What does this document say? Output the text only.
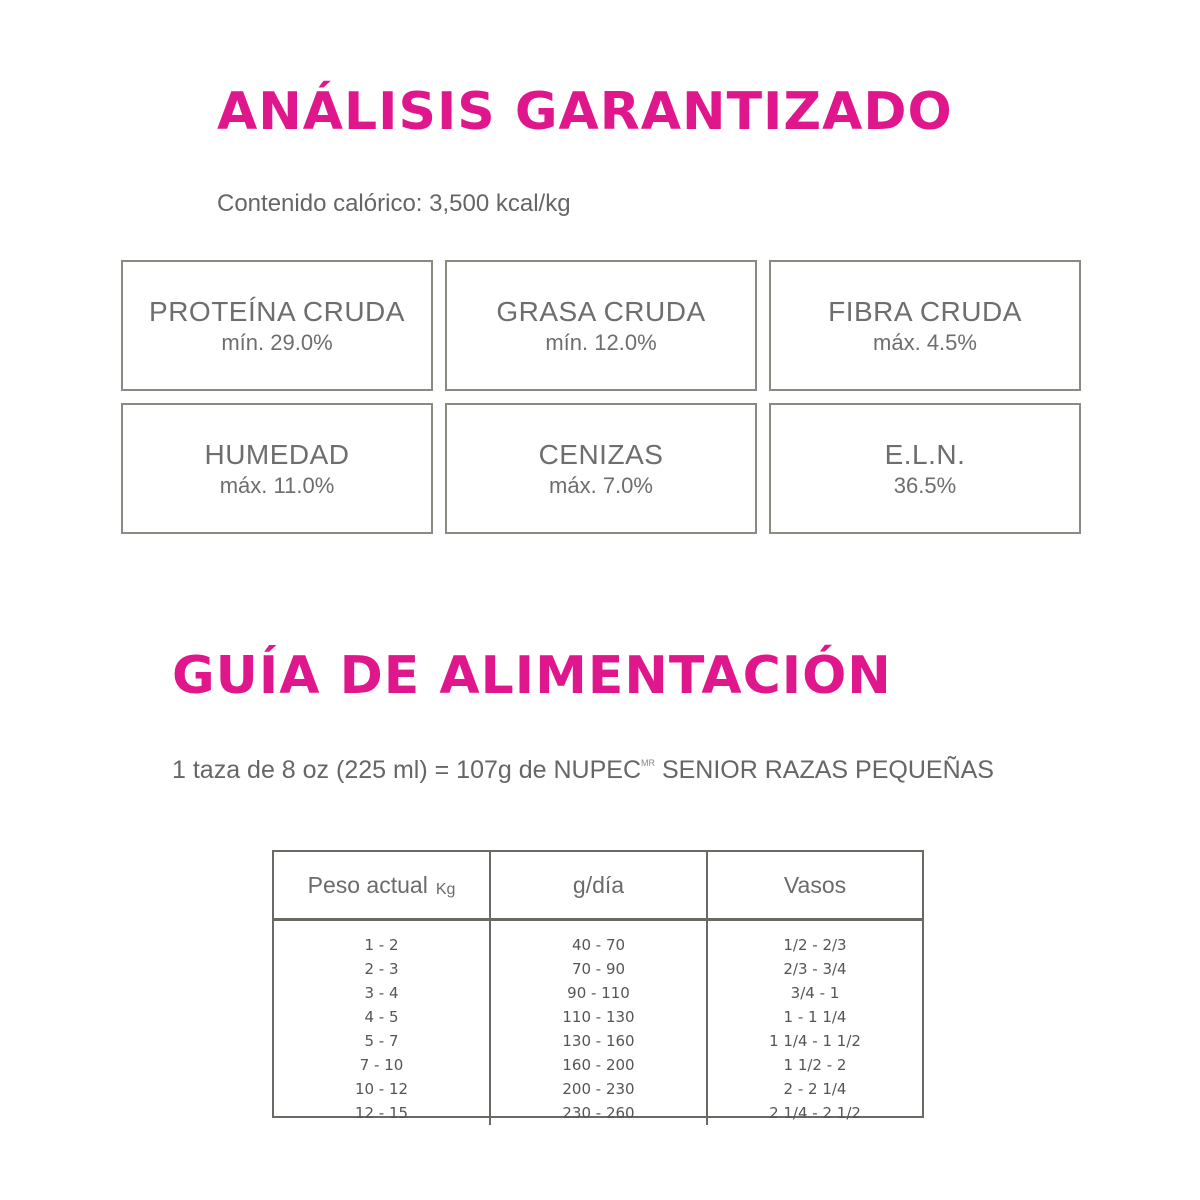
ANÁLISIS GARANTIZADO
Contenido calórico: 3,500 kcal/kg
PROTEÍNA CRUDA
mín. 29.0%
GRASA CRUDA
mín. 12.0%
FIBRA CRUDA
máx. 4.5%
HUMEDAD
máx. 11.0%
CENIZAS
máx. 7.0%
E.L.N.
36.5%
GUÍA DE ALIMENTACIÓN
1 taza de 8 oz (225 ml) = 107g de $NUPEC^{MR}$ SENIOR RAZAS PEQUEÑAS
Peso actual Kg	g/día	Vasos
1 - 2
2 - 3
3 - 4
4 - 5
5 - 7
7 - 10
10 - 12
12 - 15
40 - 70
70 - 90
90 - 110
110 - 130
130 - 160
160 - 200
200 - 230
230 - 260
1/2 - 2/3
2/3 - 3/4
3/4 - 1
1 - 1 1/4
1 1/4 - 1 1/2
1 1/2 - 2
2 - 2 1/4
2 1/4 - 2 1/2
